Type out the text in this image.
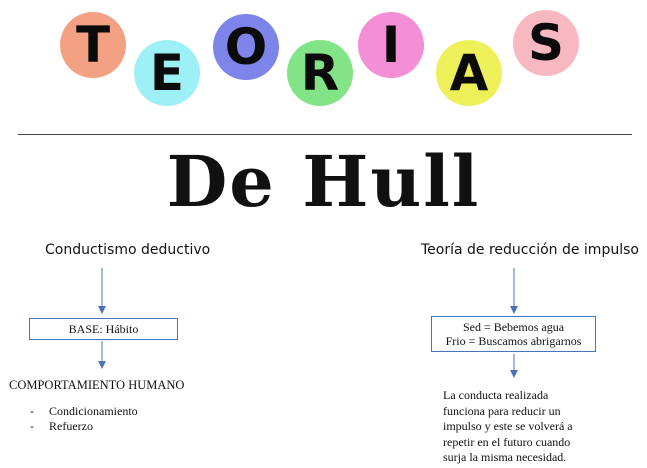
T E O R I A
S
De Hull
Conductismo deductivo
BASE: Hábito
COMPORTAMIENTO HUMANO
- Condicionamiento
- Refuerzo
Teoría de reducción de impulso
Sed = Bebemos agua
Frio = Buscamos abrigarnos
La conducta realizada
funciona para reducir un
impulso y este se volverá a
repetir en el futuro cuando
surja la misma necesidad.
